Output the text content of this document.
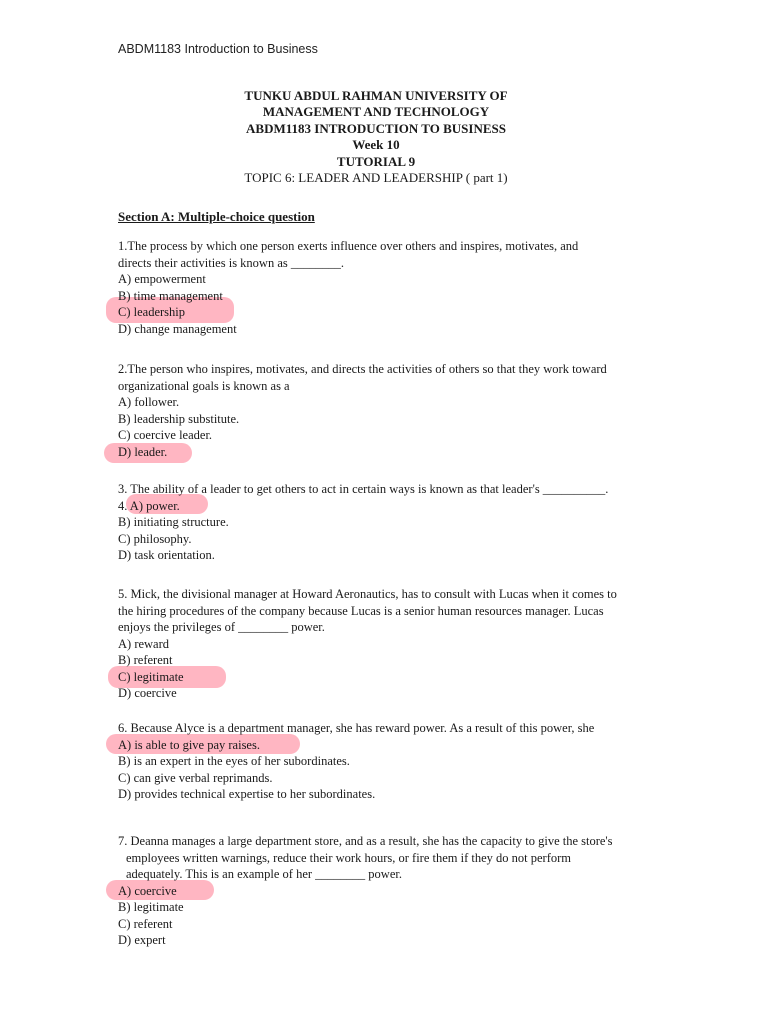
ABDM1183 Introduction to Business
TUNKU ABDUL RAHMAN UNIVERSITY OF
MANAGEMENT AND TECHNOLOGY
ABDM1183 INTRODUCTION TO BUSINESS
Week 10
TUTORIAL 9
TOPIC 6: LEADER AND LEADERSHIP ( part 1)
Section A: Multiple-choice question
1.The process by which one person exerts influence over others and inspires, motivates, and
directs their activities is known as ________.
A) empowerment
B) time management
C) leadership
D) change management
2.The person who inspires, motivates, and directs the activities of others so that they work toward
organizational goals is known as a
A) follower.
B) leadership substitute.
C) coercive leader.
D) leader.
3. The ability of a leader to get others to act in certain ways is known as that leader's __________.
4. A) power.
B) initiating structure.
C) philosophy.
D) task orientation.
5. Mick, the divisional manager at Howard Aeronautics, has to consult with Lucas when it comes to
the hiring procedures of the company because Lucas is a senior human resources manager. Lucas
enjoys the privileges of ________ power.
A) reward
B) referent
C) legitimate
D) coercive
6. Because Alyce is a department manager, she has reward power. As a result of this power, she
A) is able to give pay raises.
B) is an expert in the eyes of her subordinates.
C) can give verbal reprimands.
D) provides technical expertise to her subordinates.
7. Deanna manages a large department store, and as a result, she has the capacity to give the store's
employees written warnings, reduce their work hours, or fire them if they do not perform
adequately. This is an example of her ________ power.
A) coercive
B) legitimate
C) referent
D) expert
